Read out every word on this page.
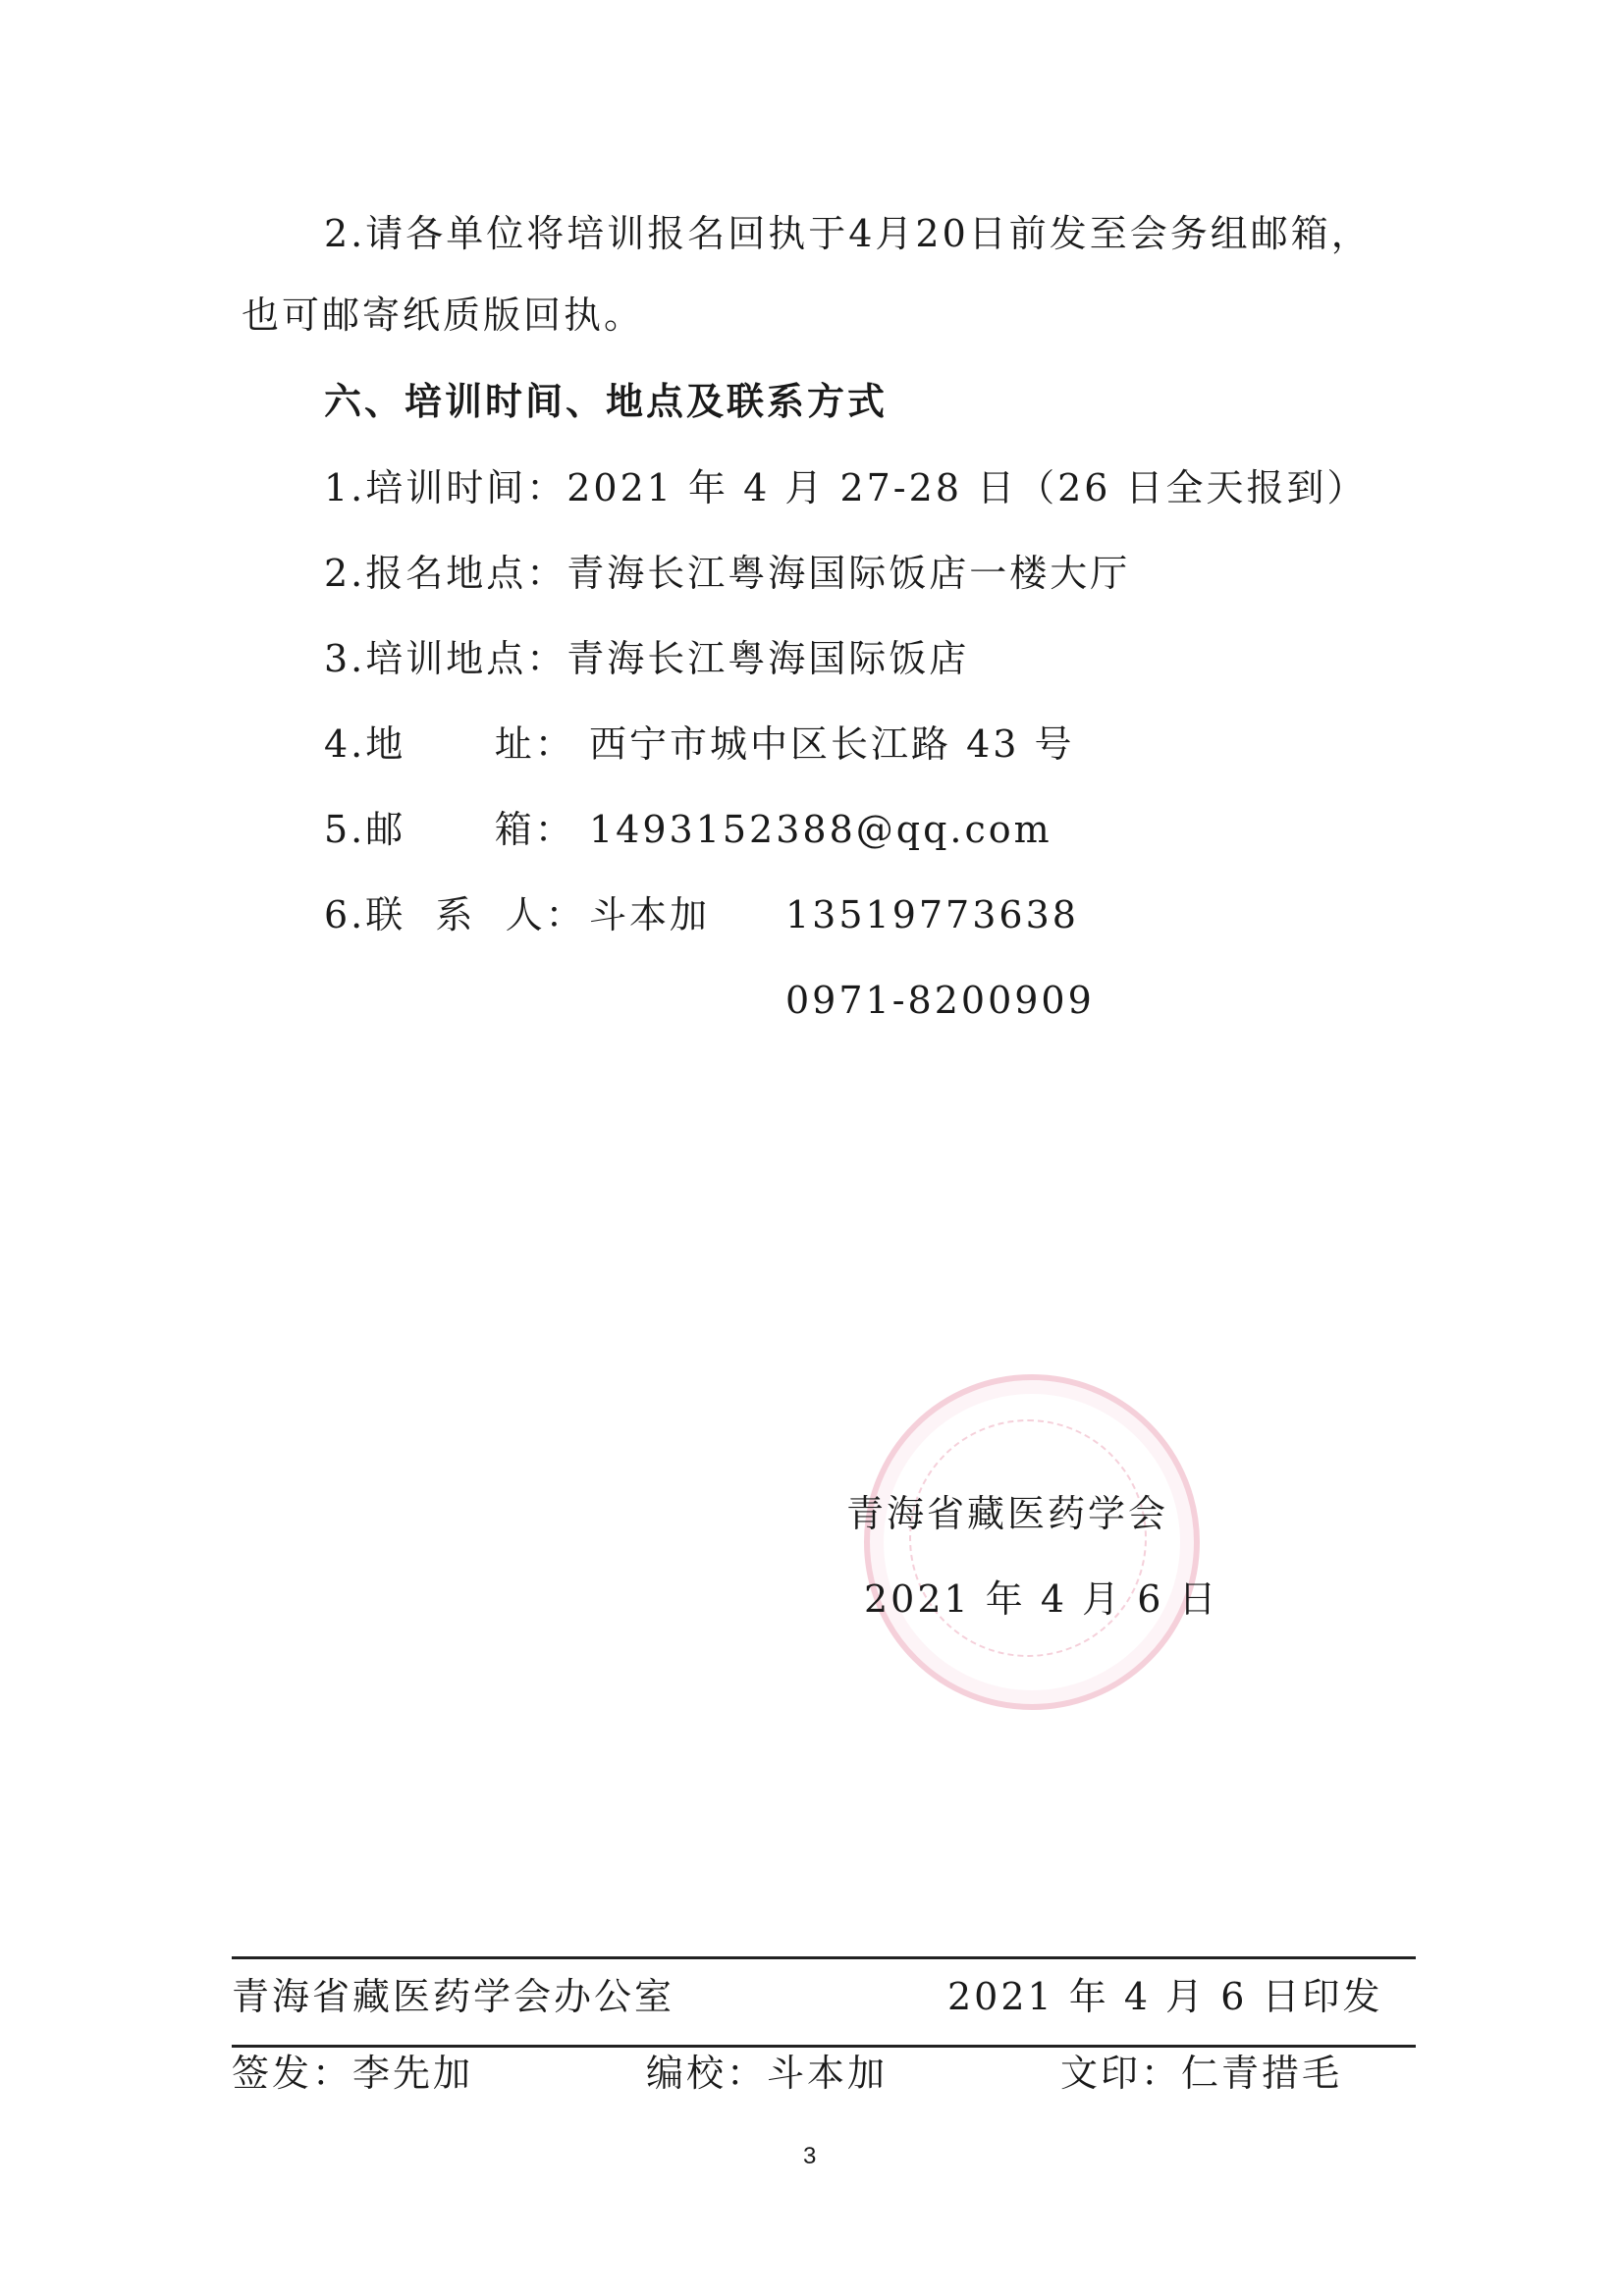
2.请各单位将培训报名回执于4月20日前发至会务组邮箱，
也可邮寄纸质版回执。
六、培训时间、地点及联系方式
1.培训时间：2021 年 4 月 27-28 日（26 日全天报到）
2.报名地点：青海长江粤海国际饭店一楼大厅
3.培训地点：青海长江粤海国际饭店
4.地      址： 西宁市城中区长江路 43 号
5.邮      箱： 1493152388@qq.com
6.联  系  人： 斗本加 13519773638
0971-8200909
青海省藏医药学会
2021 年 4 月 6 日
青海省藏医药学会办公室	2021 年 4 月 6 日印发
签发：李先加	编校：斗本加	文印：仁青措毛
3
